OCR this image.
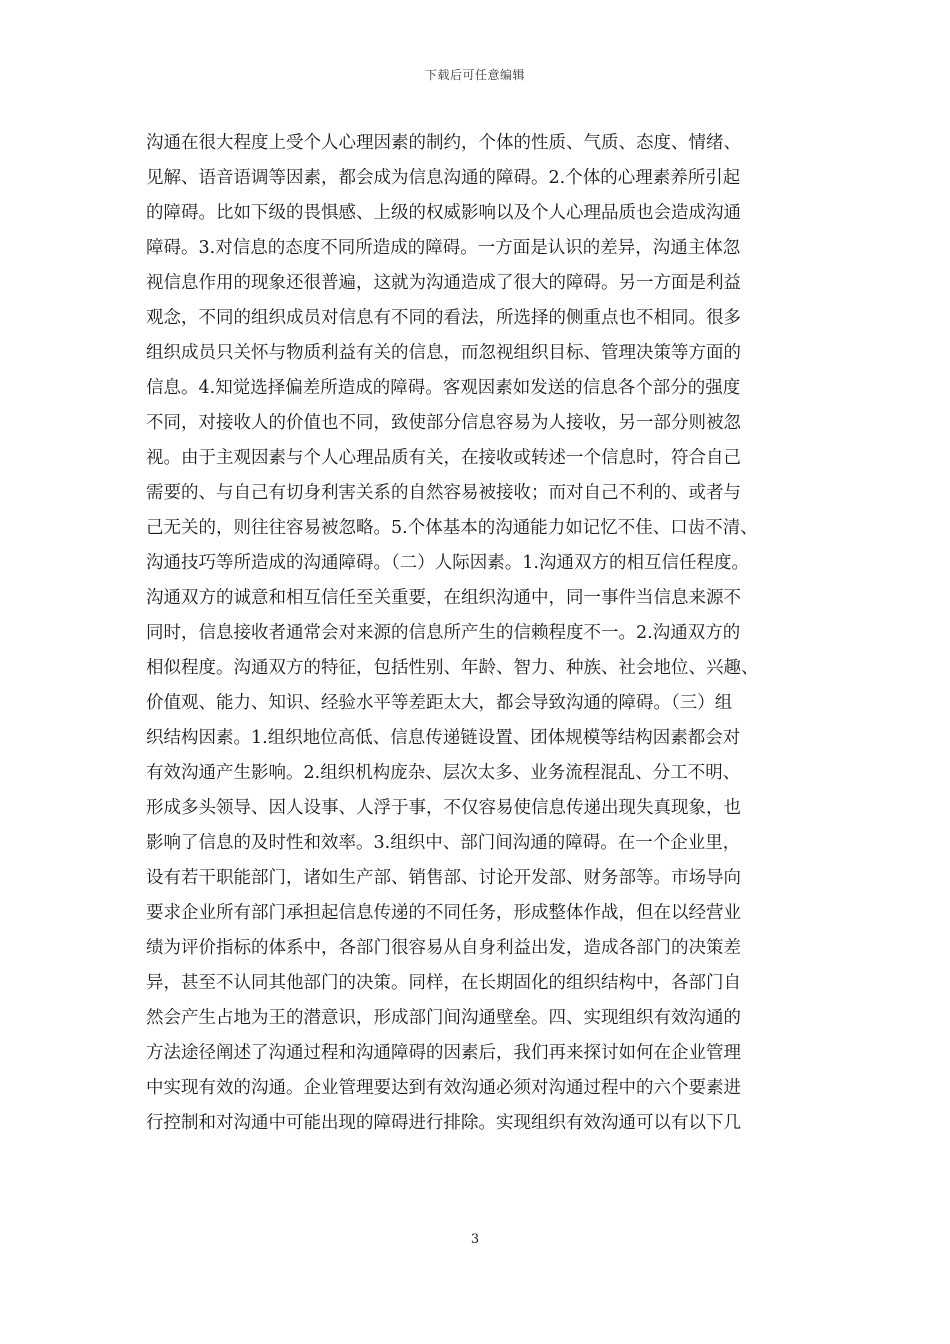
下载后可任意编辑
沟通在很大程度上受个人心理因素的制约，个体的性质、气质、态度、情绪、
见解、语音语调等因素，都会成为信息沟通的障碍。2.个体的心理素养所引起
的障碍。比如下级的畏惧感、上级的权威影响以及个人心理品质也会造成沟通
障碍。3.对信息的态度不同所造成的障碍。一方面是认识的差异，沟通主体忽
视信息作用的现象还很普遍，这就为沟通造成了很大的障碍。另一方面是利益
观念，不同的组织成员对信息有不同的看法，所选择的侧重点也不相同。很多
组织成员只关怀与物质利益有关的信息，而忽视组织目标、管理决策等方面的
信息。4.知觉选择偏差所造成的障碍。客观因素如发送的信息各个部分的强度
不同，对接收人的价值也不同，致使部分信息容易为人接收，另一部分则被忽
视。由于主观因素与个人心理品质有关，在接收或转述一个信息时，符合自己
需要的、与自己有切身利害关系的自然容易被接收；而对自己不利的、或者与
己无关的，则往往容易被忽略。5.个体基本的沟通能力如记忆不佳、口齿不清、
沟通技巧等所造成的沟通障碍。（二）人际因素。1.沟通双方的相互信任程度。
沟通双方的诚意和相互信任至关重要，在组织沟通中，同一事件当信息来源不
同时，信息接收者通常会对来源的信息所产生的信赖程度不一。2.沟通双方的
相似程度。沟通双方的特征，包括性别、年龄、智力、种族、社会地位、兴趣、
价值观、能力、知识、经验水平等差距太大，都会导致沟通的障碍。（三）组
织结构因素。1.组织地位高低、信息传递链设置、团体规模等结构因素都会对
有效沟通产生影响。2.组织机构庞杂、层次太多、业务流程混乱、分工不明、
形成多头领导、因人设事、人浮于事，不仅容易使信息传递出现失真现象，也
影响了信息的及时性和效率。3.组织中、部门间沟通的障碍。在一个企业里，
设有若干职能部门，诸如生产部、销售部、讨论开发部、财务部等。市场导向
要求企业所有部门承担起信息传递的不同任务，形成整体作战，但在以经营业
绩为评价指标的体系中，各部门很容易从自身利益出发，造成各部门的决策差
异，甚至不认同其他部门的决策。同样，在长期固化的组织结构中，各部门自
然会产生占地为王的潜意识，形成部门间沟通壁垒。四、实现组织有效沟通的
方法途径阐述了沟通过程和沟通障碍的因素后，我们再来探讨如何在企业管理
中实现有效的沟通。企业管理要达到有效沟通必须对沟通过程中的六个要素进
行控制和对沟通中可能出现的障碍进行排除。实现组织有效沟通可以有以下几
3
